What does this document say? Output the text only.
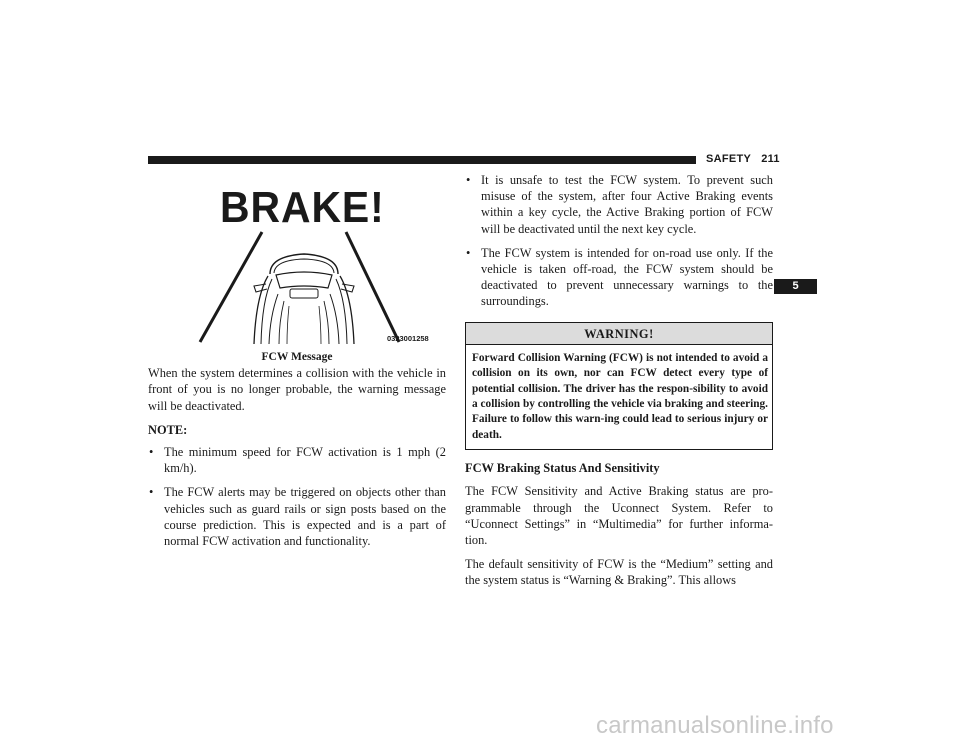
SAFETY 211
5
BRAKE!
0323001258
FCW Message

When the system determines a collision with the vehicle in front of you is no longer probable, the warning message will be deactivated.

NOTE:
• The minimum speed for FCW activation is 1 mph (2 km/h).
• The FCW alerts may be triggered on objects other than vehicles such as guard rails or sign posts based on the course prediction. This is expected and is a part of normal FCW activation and functionality.
• It is unsafe to test the FCW system. To prevent such misuse of the system, after four Active Braking events within a key cycle, the Active Braking portion of FCW will be deactivated until the next key cycle.
• The FCW system is intended for on-road use only. If the vehicle is taken off-road, the FCW system should be deactivated to prevent unnecessary warnings to the surroundings.
WARNING!
Forward Collision Warning (FCW) is not intended to avoid a collision on its own, nor can FCW detect every type of potential collision. The driver has the respon-sibility to avoid a collision by controlling the vehicle via braking and steering. Failure to follow this warn-ing could lead to serious injury or death.
FCW Braking Status And Sensitivity

The FCW Sensitivity and Active Braking status are pro-grammable through the Uconnect System. Refer to “Uconnect Settings” in “Multimedia” for further informa-tion.

The default sensitivity of FCW is the “Medium” setting and the system status is “Warning & Braking”. This allows

carmanualsonline.info
